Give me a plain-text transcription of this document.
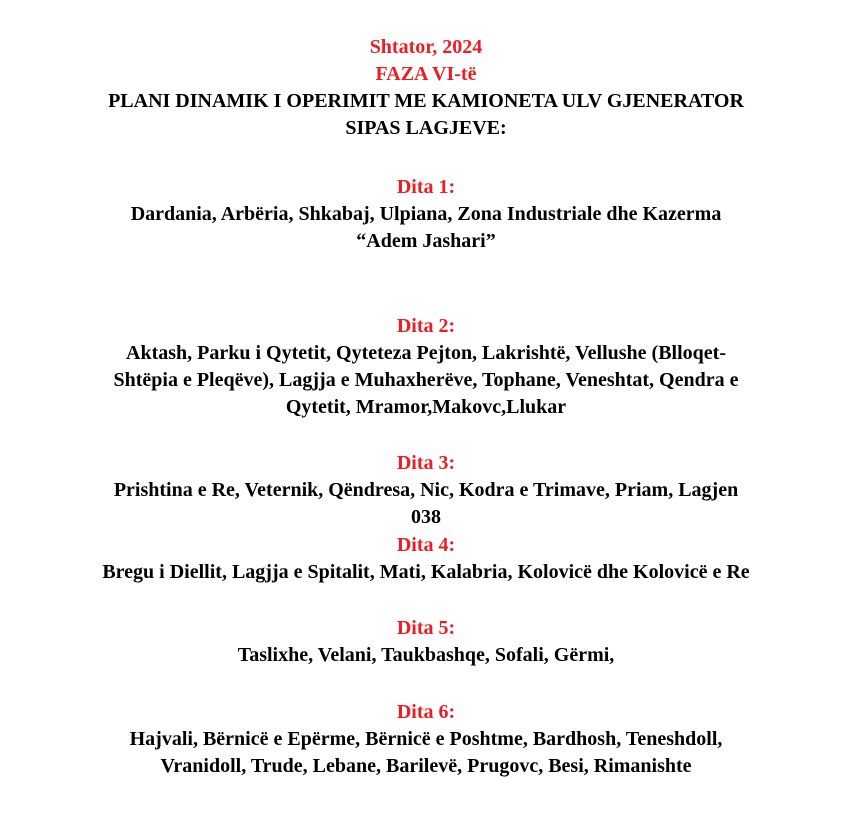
Shtator, 2024
FAZA VI-të
PLANI DINAMIK I OPERIMIT ME KAMIONETA ULV GJENERATOR
SIPAS LAGJEVE:
Dita 1:
Dardania, Arbëria, Shkabaj, Ulpiana, Zona Industriale dhe Kazerma
“Adem Jashari”
Dita 2:
Aktash, Parku i Qytetit, Qyteteza Pejton, Lakrishtë, Vellushe (Blloqet-
Shtëpia e Pleqëve), Lagjja e Muhaxherëve, Tophane, Veneshtat, Qendra e
Qytetit, Mramor,Makovc,Llukar
Dita 3:
Prishtina e Re, Veternik, Qëndresa, Nic, Kodra e Trimave, Priam, Lagjen
038
Dita 4:
Bregu i Diellit, Lagjja e Spitalit, Mati, Kalabria, Kolovicë dhe Kolovicë e Re
Dita 5:
Taslixhe, Velani, Taukbashqe, Sofali, Gërmi,
Dita 6:
Hajvali, Bërnicë e Epërme, Bërnicë e Poshtme, Bardhosh, Teneshdoll,
Vranidoll, Trude, Lebane, Barilevë, Prugovc, Besi, Rimanishte
